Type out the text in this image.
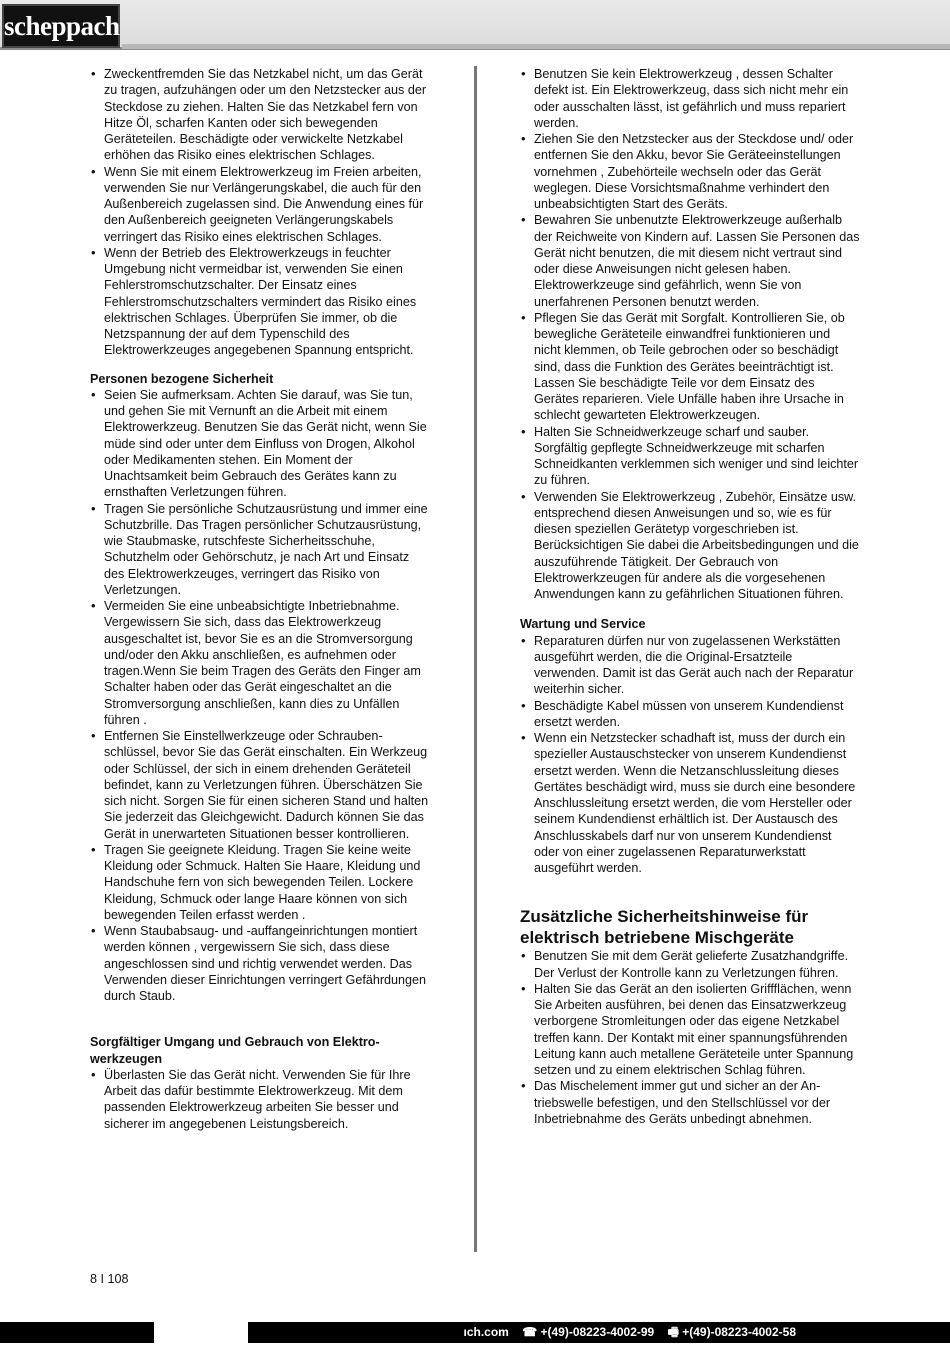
scheppach
• Zweckentfremden Sie das Netzkabel nicht, um das Gerät zu tragen, aufzuhängen oder um den Netzstecker aus der Steckdose zu ziehen. Halten Sie das Netzkabel fern von Hitze Öl, scharfen Kanten oder sich bewegenden Geräteteilen. Beschädigte oder verwickelte Netzkabel erhöhen das Risiko eines elektrischen Schlages.
• Wenn Sie mit einem Elektrowerkzeug im Freien arbeiten, verwenden Sie nur Verlängerungskabel, die auch für den Außenbereich zugelassen sind. Die Anwendung eines für den Außenbereich geeigneten Verlängerungskabels verringert das Risiko eines elektrischen Schlages.
• Wenn der Betrieb des Elektrowerkzeugs in feuchter Umgebung nicht vermeidbar ist, verwenden Sie einen Fehlerstromschutzschalter. Der Einsatz eines Fehlerstromschutzschalters vermindert das Risiko eines elektrischen Schlages. Überprüfen Sie immer, ob die Netzspannung der auf dem Typenschild des Elektrowerkzeuges angegebenen Spannung entspricht.
Personen bezogene Sicherheit
• Seien Sie aufmerksam. Achten Sie darauf, was Sie tun, und gehen Sie mit Vernunft an die Arbeit mit einem Elektrowerkzeug. Benutzen Sie das Gerät nicht, wenn Sie müde sind oder unter dem Einfluss von Drogen, Alkohol oder Medikamenten stehen. Ein Moment der Unachtsamkeit beim Gebrauch des Gerätes kann zu ernsthaften Verletzungen führen.
• Tragen Sie persönliche Schutzausrüstung und immer eine Schutzbrille. Das Tragen persönlicher Schutzausrüstung, wie Staubmaske, rutschfeste Sicherheitsschuhe, Schutzhelm oder Gehörschutz, je nach Art und Einsatz des Elektrowerkzeuges, verringert das Risiko von Verletzungen.
• Vermeiden Sie eine unbeabsichtigte Inbetriebnahme. Vergewissern Sie sich, dass das Elektrowerkzeug ausgeschaltet ist, bevor Sie es an die Stromversorgung und/oder den Akku anschließen, es aufnehmen oder tragen.Wenn Sie beim Tragen des Geräts den Finger am Schalter haben oder das Gerät eingeschaltet an die Stromversorgung anschließen, kann dies zu Unfällen führen .
• Entfernen Sie Einstellwerkzeuge oder Schraubenschlüssel, bevor Sie das Gerät einschalten. Ein Werkzeug oder Schlüssel, der sich in einem drehenden Geräteteil befindet, kann zu Verletzungen führen. Überschätzen Sie sich nicht. Sorgen Sie für einen sicheren Stand und halten Sie jederzeit das Gleichgewicht. Dadurch können Sie das Gerät in unerwarteten Situationen besser kontrollieren.
• Tragen Sie geeignete Kleidung. Tragen Sie keine weite Kleidung oder Schmuck. Halten Sie Haare, Kleidung und Handschuhe fern von sich bewegenden Teilen. Lockere Kleidung, Schmuck oder lange Haare können von sich bewegenden Teilen erfasst werden .
• Wenn Staubabsaug- und -auffangeinrichtungen montiert werden können , vergewissern Sie sich, dass diese angeschlossen sind und richtig verwendet werden. Das Verwenden dieser Einrichtungen verringert Gefährdungen durch Staub.
Sorgfältiger Umgang und Gebrauch von Elektrowerkzeugen
• Überlasten Sie das Gerät nicht. Verwenden Sie für Ihre Arbeit das dafür bestimmte Elektrowerkzeug. Mit dem passenden Elektrowerkzeug arbeiten Sie besser und sicherer im angegebenen Leistungsbereich.
• Benutzen Sie kein Elektrowerkzeug , dessen Schalter defekt ist. Ein Elektrowerkzeug, dass sich nicht mehr ein oder ausschalten lässt, ist gefährlich und muss repariert werden.
• Ziehen Sie den Netzstecker aus der Steckdose und/ oder entfernen Sie den Akku, bevor Sie Geräteeinstellungen vornehmen , Zubehörteile wechseln oder das Gerät weglegen. Diese Vorsichtsmaßnahme verhindert den unbeabsichtigten Start des Geräts.
• Bewahren Sie unbenutzte Elektrowerkzeuge außerhalb der Reichweite von Kindern auf. Lassen Sie Personen das Gerät nicht benutzen, die mit diesem nicht vertraut sind oder diese Anweisungen nicht gelesen haben. Elektrowerkzeuge sind gefährlich, wenn Sie von unerfahrenen Personen benutzt werden.
• Pflegen Sie das Gerät mit Sorgfalt. Kontrollieren Sie, ob bewegliche Geräteteile einwandfrei funktionieren und nicht klemmen, ob Teile gebrochen oder so beschädigt sind, dass die Funktion des Gerätes beeinträchtigt ist. Lassen Sie beschädigte Teile vor dem Einsatz des Gerätes reparieren. Viele Unfälle haben ihre Ursache in schlecht gewarteten Elektrowerkzeugen.
• Halten Sie Schneidwerkzeuge scharf und sauber. Sorgfältig gepflegte Schneidwerkzeuge mit scharfen Schneidkanten verklemmen sich weniger und sind leichter zu führen.
• Verwenden Sie Elektrowerkzeug , Zubehör, Einsätze usw. entsprechend diesen Anweisungen und so, wie es für diesen speziellen Gerätetyp vorgeschrieben ist. Berücksichtigen Sie dabei die Arbeitsbedingungen und die auszuführende Tätigkeit. Der Gebrauch von Elektrowerkzeugen für andere als die vorgesehenen Anwendungen kann zu gefährlichen Situationen führen.
Wartung und Service
• Reparaturen dürfen nur von zugelassenen Werkstätten ausgeführt werden, die die Original-Ersatzteile verwenden. Damit ist das Gerät auch nach der Reparatur weiterhin sicher.
• Beschädigte Kabel müssen von unserem Kundendienst ersetzt werden.
• Wenn ein Netzstecker schadhaft ist, muss der durch ein spezieller Austauschstecker von unserem Kundendienst ersetzt werden. Wenn die Netzanschlussleitung dieses Gertätes beschädigt wird, muss sie durch eine besondere Anschlussleitung ersetzt werden, die vom Hersteller oder seinem Kundendienst erhältlich ist. Der Austausch des Anschlusskabels darf nur von unserem Kundendienst oder von einer zugelassenen Reparaturwerkstatt ausgeführt werden.
Zusätzliche Sicherheitshinweise für elektrisch betriebene Mischgeräte
• Benutzen Sie mit dem Gerät gelieferte Zusatzhandgriffe. Der Verlust der Kontrolle kann zu Verletzungen führen.
• Halten Sie das Gerät an den isolierten Griffflächen, wenn Sie Arbeiten ausführen, bei denen das Einsatzwerkzeug verborgene Stromleitungen oder das eigene Netzkabel treffen kann. Der Kontakt mit einer spannungsführenden Leitung kann auch metallene Geräteteile unter Spannung setzen und zu einem elektrischen Schlag führen.
• Das Mischelement immer gut und sicher an der Antriebswelle befestigen, und den Stellschlüssel vor der Inbetriebnahme des Geräts unbedingt abnehmen.
8 I 108
ıch.com ☎ +(49)-08223-4002-99 🖷 +(49)-08223-4002-58
